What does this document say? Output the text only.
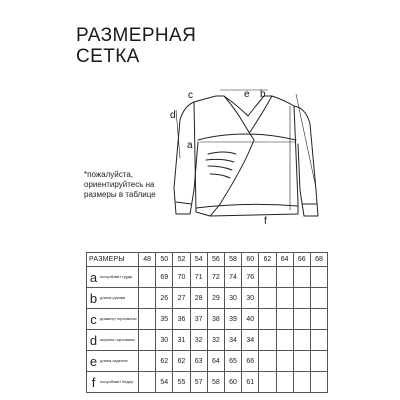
РАЗМЕРНАЯ
СЕТКА
c	e b
d
a
f
*пожалуйста, ориентируйтесь на размеры в таблице
РАЗМЕРЫ	48	50	52	54	56	58	60	62	64	66	68

a полуобхват груди		69	70	71	72	74	76				

b длина рукава		26	27	28	29	30	30				

c диаметр горловины		35	36	37	38	39	40				

d ширина горловины		30	31	32	32	34	34				

e длина изделия		62	62	63	64	65	66				

f полуобхват бедер		54	55	57	58	60	61				
